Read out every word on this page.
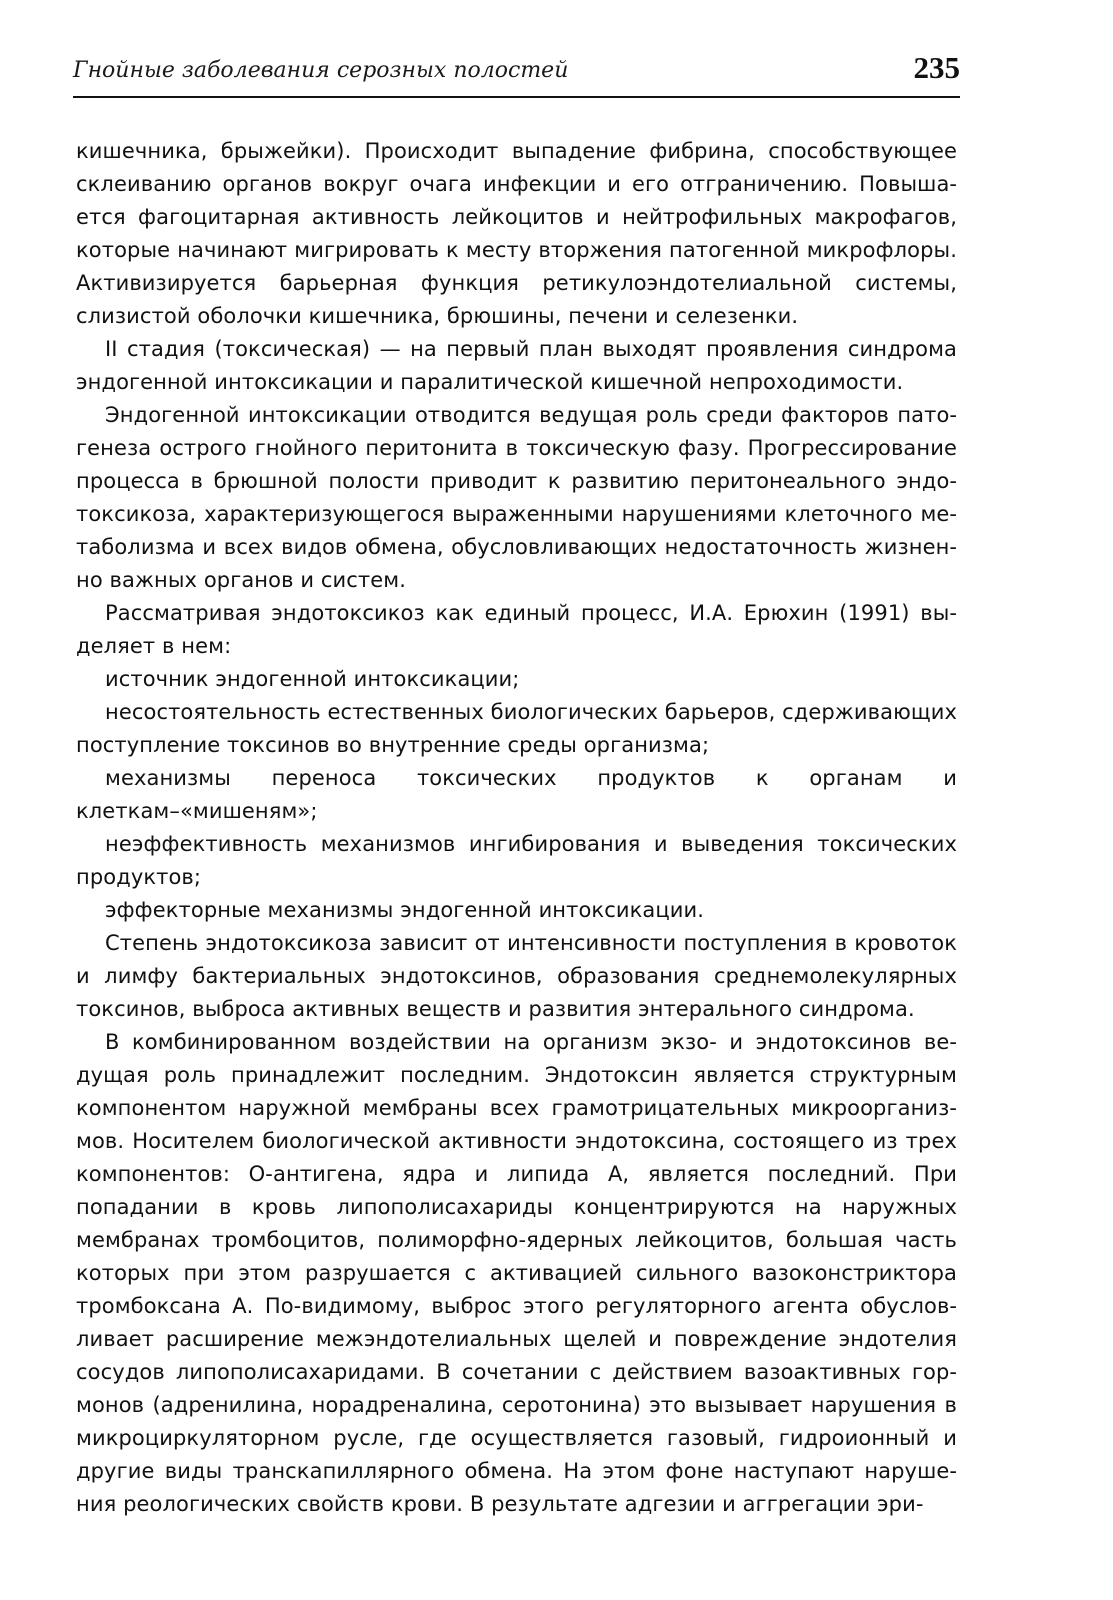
Гнойные заболевания серозных полостей	235

кишечника, брыжейки). Происходит выпадение фибрина, способствующее склеиванию органов вокруг очага инфекции и его отграничению. Повышается фагоцитарная активность лейкоцитов и нейтрофильных макрофагов, которые начинают мигрировать к месту вторжения патогенной микрофлоры. Активизируется барьерная функция ретикулоэндотелиальной системы, слизистой оболочки кишечника, брюшины, печени и селезенки.

II стадия (токсическая) — на первый план выходят проявления синдрома эндогенной интоксикации и паралитической кишечной непроходимости.

Эндогенной интоксикации отводится ведущая роль среди факторов патогенеза острого гнойного перитонита в токсическую фазу. Прогрессирование процесса в брюшной полости приводит к развитию перитонеального эндотоксикоза, характеризующегося выраженными нарушениями клеточного метаболизма и всех видов обмена, обусловливающих недостаточность жизненно важных органов и систем.

Рассматривая эндотоксикоз как единый процесс, И.А. Ерюхин (1991) выделяет в нем:

источник эндогенной интоксикации;

несостоятельность естественных биологических барьеров, сдерживающих поступление токсинов во внутренние среды организма;

механизмы переноса токсических продуктов к органам и клеткам–«мишеням»;

неэффективность механизмов ингибирования и выведения токсических продуктов;

эффекторные механизмы эндогенной интоксикации.

Степень эндотоксикоза зависит от интенсивности поступления в кровоток и лимфу бактериальных эндотоксинов, образования среднемолекулярных токсинов, выброса активных веществ и развития энтерального синдрома.

В комбинированном воздействии на организм экзо- и эндотоксинов ведущая роль принадлежит последним. Эндотоксин является структурным компонентом наружной мембраны всех грамотрицательных микроорганизмов. Носителем биологической активности эндотоксина, состоящего из трех компонентов: О-антигена, ядра и липида А, является последний. При попадании в кровь липополисахариды концентрируются на наружных мембранах тромбоцитов, полиморфно-ядерных лейкоцитов, большая часть которых при этом разрушается с активацией сильного вазоконстриктора тромбоксана А. По-видимому, выброс этого регуляторного агента обусловливает расширение межэндотелиальных щелей и повреждение эндотелия сосудов липополисахаридами. В сочетании с действием вазоактивных гормонов (адренилина, норадреналина, серотонина) это вызывает нарушения в микроциркуляторном русле, где осуществляется газовый, гидроионный и другие виды транскапиллярного обмена. На этом фоне наступают нарушения реологических свойств крови. В результате адгезии и аггрегации эри-
